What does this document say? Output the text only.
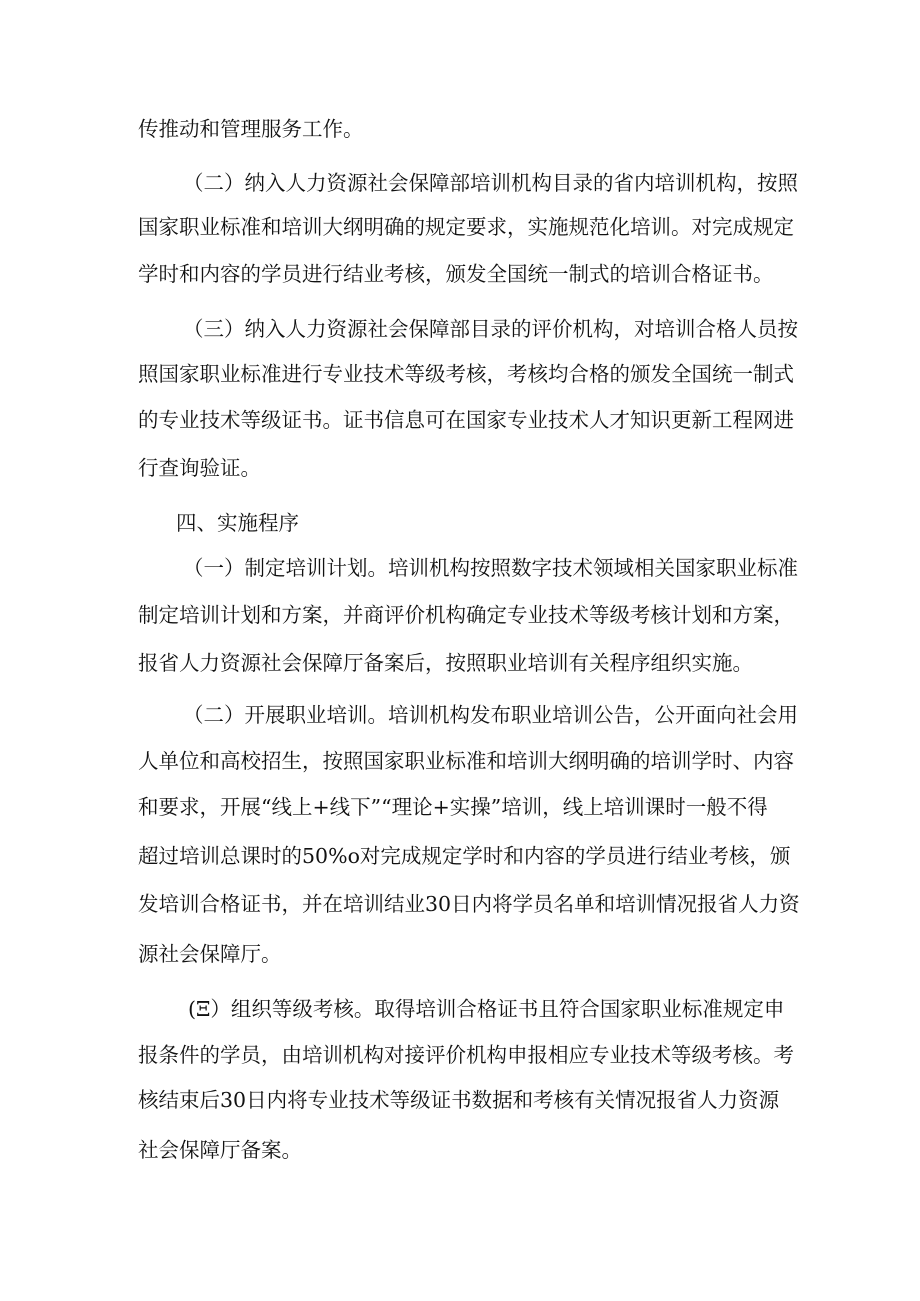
传推动和管理服务工作。
（二）纳入人力资源社会保障部培训机构目录的省内培训机构，按照
国家职业标准和培训大纲明确的规定要求，实施规范化培训。对完成规定
学时和内容的学员进行结业考核，颁发全国统一制式的培训合格证书。
（三）纳入人力资源社会保障部目录的评价机构，对培训合格人员按
照国家职业标准进行专业技术等级考核，考核均合格的颁发全国统一制式
的专业技术等级证书。证书信息可在国家专业技术人才知识更新工程网进
行查询验证。
四、实施程序
（一）制定培训计划。培训机构按照数字技术领域相关国家职业标准
制定培训计划和方案，并商评价机构确定专业技术等级考核计划和方案，
报省人力资源社会保障厅备案后，按照职业培训有关程序组织实施。
（二）开展职业培训。培训机构发布职业培训公告，公开面向社会用
人单位和高校招生，按照国家职业标准和培训大纲明确的培训学时、内容
和要求，开展“线上+线下”“理论+实操”培训，线上培训课时一般不得
超过培训总课时的50%o对完成规定学时和内容的学员进行结业考核，颁
发培训合格证书，并在培训结业30日内将学员名单和培训情况报省人力资
源社会保障厅。
(Ξ）组织等级考核。取得培训合格证书且符合国家职业标准规定申
报条件的学员，由培训机构对接评价机构申报相应专业技术等级考核。考
核结束后30日内将专业技术等级证书数据和考核有关情况报省人力资源
社会保障厅备案。
